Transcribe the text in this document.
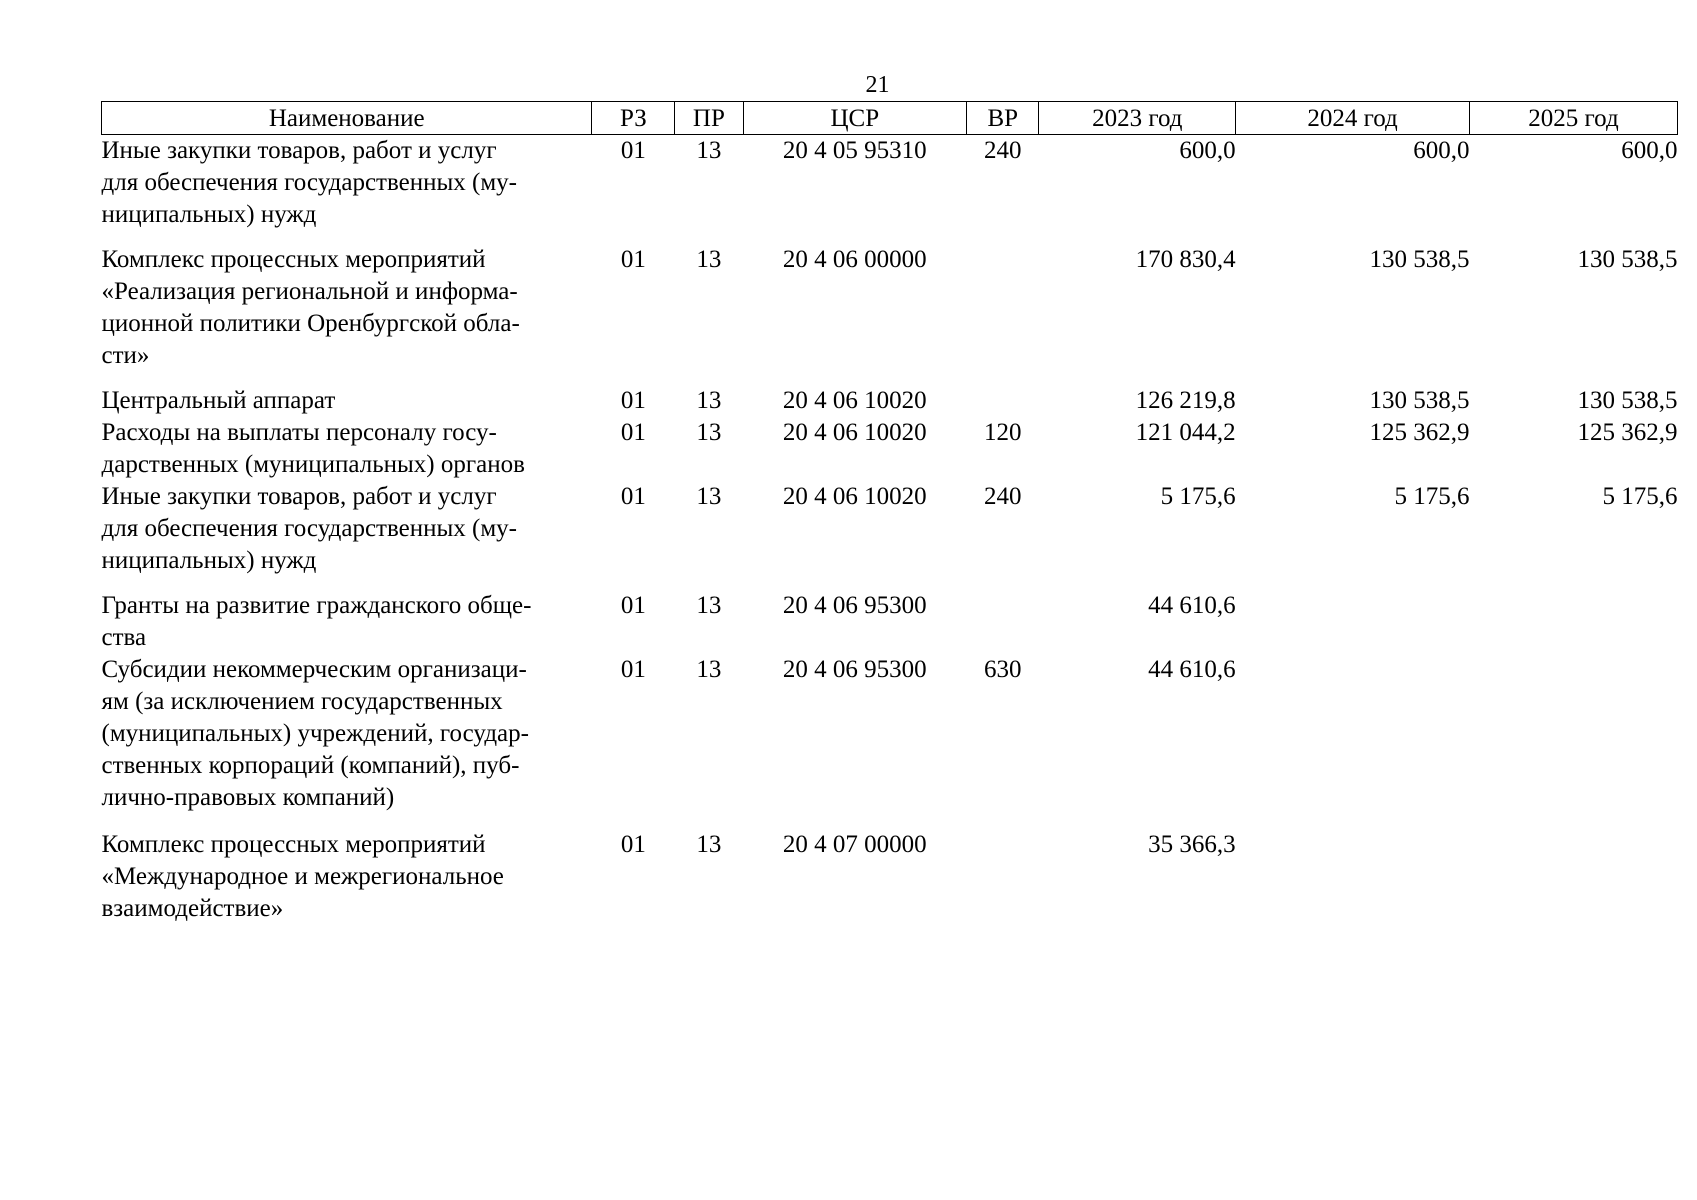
21
Наименование	РЗ	ПР	ЦСР	ВР	2023 год	2024 год	2025 год

Иные закупки товаров, работ и услуг
для обеспечения государственных (му-
ниципальных) нужд	01	13	20 4 05 95310	240	600,0	600,0	600,0

Комплекс процессных мероприятий
«Реализация региональной и информа-
ционной политики Оренбургской обла-
сти»	01	13	20 4 06 00000		170 830,4	130 538,5	130 538,5

Центральный аппарат	01	13	20 4 06 10020		126 219,8	130 538,5	130 538,5

Расходы на выплаты персоналу госу-
дарственных (муниципальных) органов	01	13	20 4 06 10020	120	121 044,2	125 362,9	125 362,9

Иные закупки товаров, работ и услуг
для обеспечения государственных (му-
ниципальных) нужд	01	13	20 4 06 10020	240	5 175,6	5 175,6	5 175,6

Гранты на развитие гражданского обще-
ства	01	13	20 4 06 95300		44 610,6		

Субсидии некоммерческим организаци-
ям (за исключением государственных
(муниципальных) учреждений, государ-
ственных корпораций (компаний), пуб-
лично-правовых компаний)	01	13	20 4 06 95300	630	44 610,6		

Комплекс процессных мероприятий
«Международное и межрегиональное
взаимодействие»	01	13	20 4 07 00000		35 366,3		
